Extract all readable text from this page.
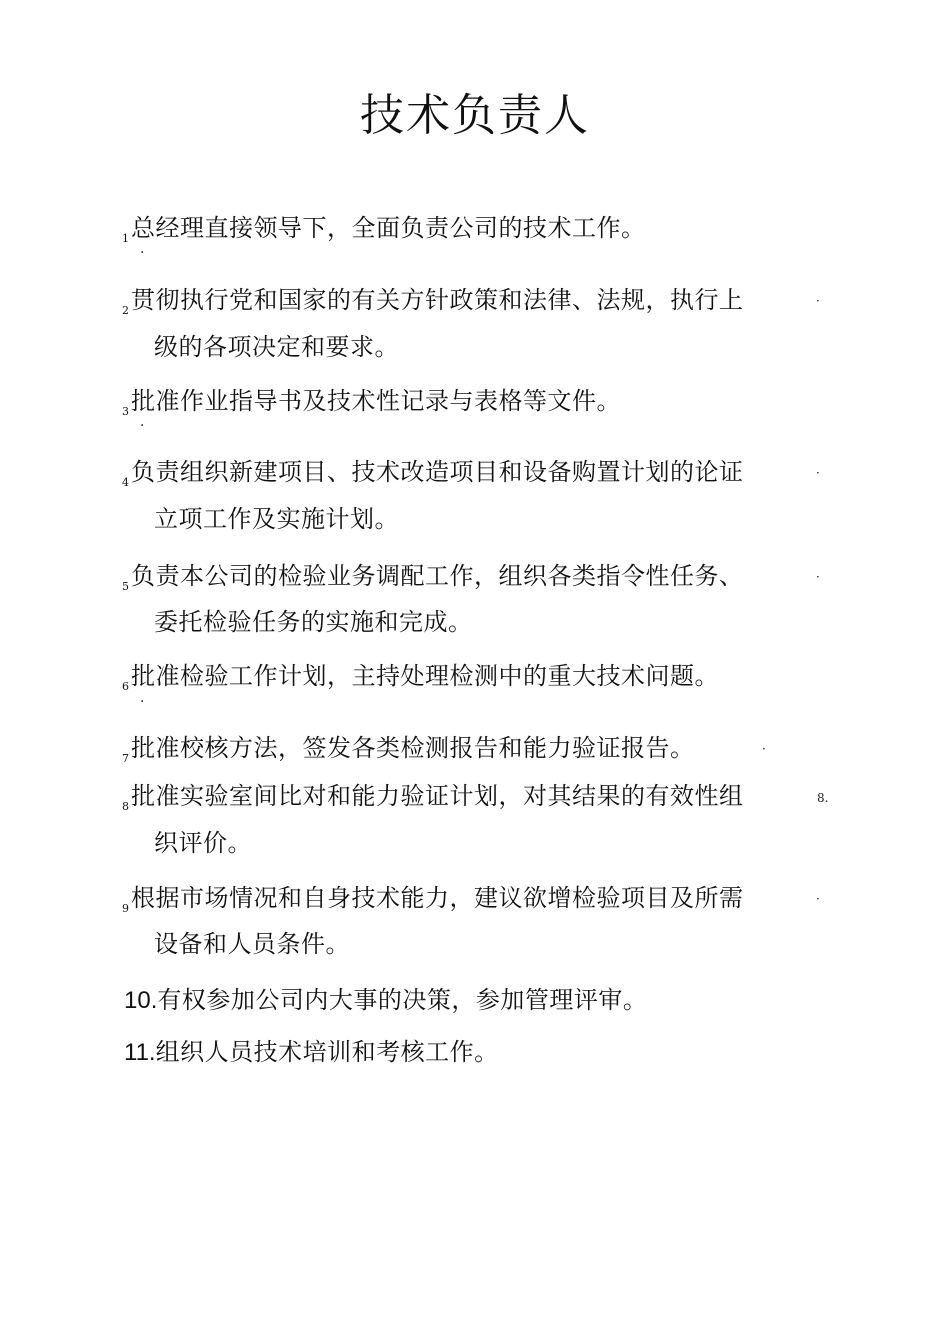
技术负责人
$_1$总经理直接领导下，全面负责公司的技术工作。
·
$_2$贯彻执行党和国家的有关方针政策和法律、法规，执行上	·
级的各项决定和要求。
$_3$批准作业指导书及技术性记录与表格等文件。
·
$_4$负责组织新建项目、技术改造项目和设备购置计划的论证	·
立项工作及实施计划。
$_5$负责本公司的检验业务调配工作，组织各类指令性任务、	·
委托检验任务的实施和完成。
$_6$批准检验工作计划，主持处理检测中的重大技术问题。
·
$_7$批准校核方法，签发各类检测报告和能力验证报告。	·
$_8$批准实验室间比对和能力验证计划，对其结果的有效性组	8.
织评价。
$_9$根据市场情况和自身技术能力，建议欲增检验项目及所需	·
设备和人员条件。
10.有权参加公司内大事的决策，参加管理评审。
11.组织人员技术培训和考核工作。
